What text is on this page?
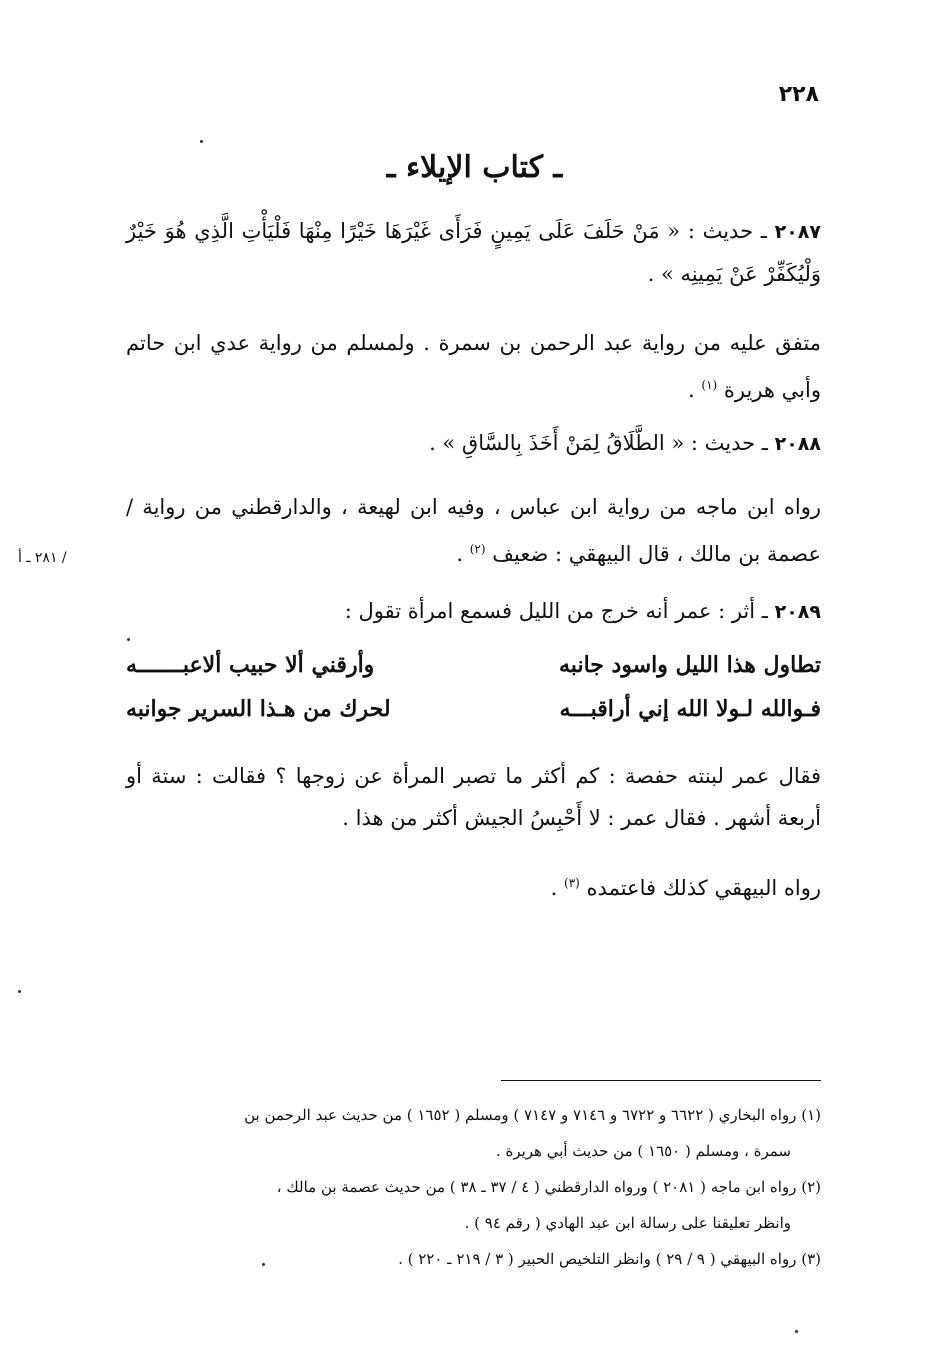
٢٢٨
ـ كتاب الإيلاء ـ
/ ٢٨١ ـ أ
٢٠٨٧ ـ حديث : « مَنْ حَلَفَ عَلَى يَمِينٍ فَرَأَى غَيْرَهَا خَيْرًا مِنْهَا فَلْيَأْتِ الَّذِي هُوَ خَيْرٌ وَلْيُكَفِّرْ عَنْ يَمِينِه » .
متفق عليه من رواية عبد الرحمن بن سمرة . ولمسلم من رواية عدي ابن حاتم وأبي هريرة $^{(١)}$ .
٢٠٨٨ ـ حديث : « الطَّلَاقُ لِمَنْ أَخَذَ بِالسَّاقِ » .
رواه ابن ماجه من رواية ابن عباس ، وفيه ابن لهيعة ، والدارقطني من رواية / عصمة بن مالك ، قال البيهقي : ضعيف $^{(٢)}$ .
٢٠٨٩ ـ أثر : عمر أنه خرج من الليل فسمع امرأة تقول :
تطاول هذا الليل واسود جانبه
وأرقني ألا حبيب ألاعبـــــــه
فـوالله لـولا الله إني أراقبـــه
لحرك من هـذا السرير جوانبه
فقال عمر لبنته حفصة : كم أكثر ما تصبر المرأة عن زوجها ؟ فقالت : ستة أو أربعة أشهر . فقال عمر : لا أَحْبِسُ الجيش أكثر من هذا .
رواه البيهقي كذلك فاعتمده $^{(٣)}$ .
(١) رواه البخاري ( ٦٦٢٢ و ٦٧٢٢ و ٧١٤٦ و ٧١٤٧ ) ومسلم ( ١٦٥٢ ) من حديث عبد الرحمن بن
سمرة ، ومسلم ( ١٦٥٠ ) من حديث أبي هريرة .
(٢) رواه ابن ماجه ( ٢٠٨١ ) ورواه الدارقطني ( ٤ / ٣٧ ـ ٣٨ ) من حديث عصمة بن مالك ،
وانظر تعليقنا على رسالة ابن عبد الهادي ( رقم ٩٤ ) .
(٣) رواه البيهقي ( ٩ / ٢٩ ) وانظر التلخيص الحبير ( ٣ / ٢١٩ ـ ٢٢٠ ) .
